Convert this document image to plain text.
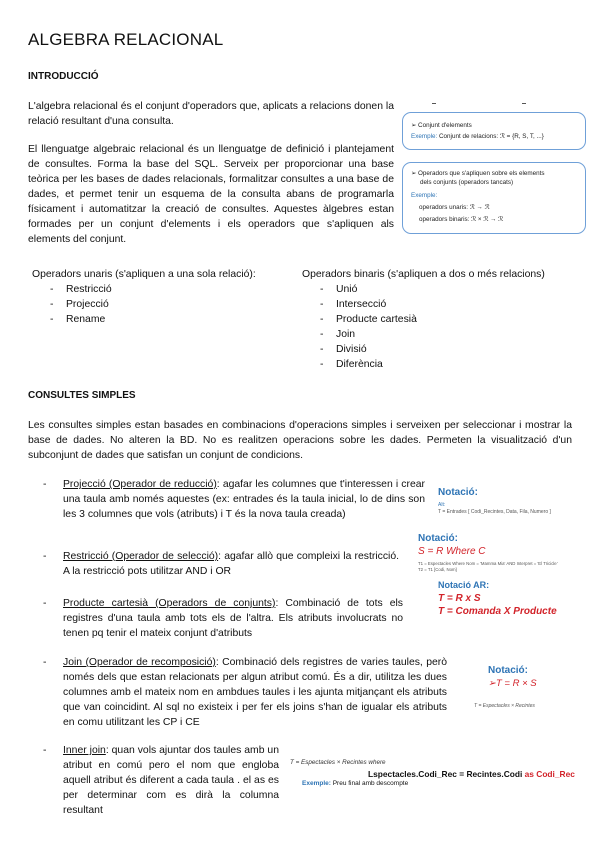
ALGEBRA RELACIONAL
INTRODUCCIÓ
L'algebra relacional és el conjunt d'operadors que, aplicats a relacions donen la relació resultant d'una consulta.
El llenguatge algebraic relacional és un llenguatge de definició i plantejament de consultes. Forma la base del SQL. Serveix per proporcionar una base teòrica per les bases de dades relacionals, formalitzar consultes a una base de dades, et permet tenir un esquema de la consulta abans de programarla físicament i automatitzar la creació de consultes. Aquestes àlgebres estan formades per un conjunt d'elements i els operadors que s'apliquen als elements del conjunt.
➢ Conjunt d'elements
Exemple: Conjunt de relacions: ℛ = {R, S, T, ...}
➢ Operadors que s'apliquen sobre els elements
dels conjunts (operadors tancats)
Exemple:
operadors unaris: ℛ → ℛ
operadors binaris: ℛ × ℛ → ℛ
Operadors unaris (s'apliquen a una sola relació):
- Restricció
- Projecció
- Rename
Operadors binaris (s'apliquen a dos o més relacions)
- Unió
- Intersecció
- Producte cartesià
- Join
- Divisió
- Diferència
CONSULTES SIMPLES
Les consultes simples estan basades en combinacions d'operacions simples i serveixen per seleccionar i mostrar la base de dades. No alteren la BD. No es realitzen operacions sobre les dades. Permeten la visualització d'un subconjunt de dades que satisfan un conjunt de condicions.
- Projecció (Operador de reducció): agafar les columnes que t'interessen i crear una taula amb només aquestes (ex: entrades és la taula inicial, lo de dins son les 3 columnes que vols (atributs) i T és la nova taula creada)
- Restricció (Operador de selecció): agafar allò que compleixi la restricció. A la restricció pots utilitzar AND i OR
- Producte cartesià (Operadors de conjunts): Combinació de tots els registres d'una taula amb tots els de l'altra. Els atributs involucrats no tenen pq tenir el mateix conjunt d'atributs
- Join (Operador de recomposició): Combinació dels registres de varies taules, però només dels que estan relacionats per algun atribut comú. És a dir, utilitza les dues columnes amb el mateix nom en ambdues taules i les ajunta mitjançant els atributs que van coincidint. Al sql no existeix i per fer els joins s'han de igualar els atributs en comu utilitzant les CP i CE
- Inner join: quan vols ajuntar dos taules amb un atribut en comú pero el nom que engloba aquell atribut és diferent a cada taula . el as es per determinar com es dirà la columna resultant
Notació:
Alt:
T = Entrades [ Codi_Recintes, Data, Fila, Numero ]
Notació:
S = R Where C
T1 = Espectacles Where Nom = 'Mamma Mia' AND Interpret = 'El Tricicle'
T2 = T1 [Codi, Nom]
Notació AR:
T = R x S
T = Comanda X Producte
Notació:
➢T = R × S
T = Espectacles × Recintes
T = Espectacles × Recintes where
Lspectacles.Codi_Rec = Recintes.Codi as Codi_Rec
Exemple: Preu final amb descompte
